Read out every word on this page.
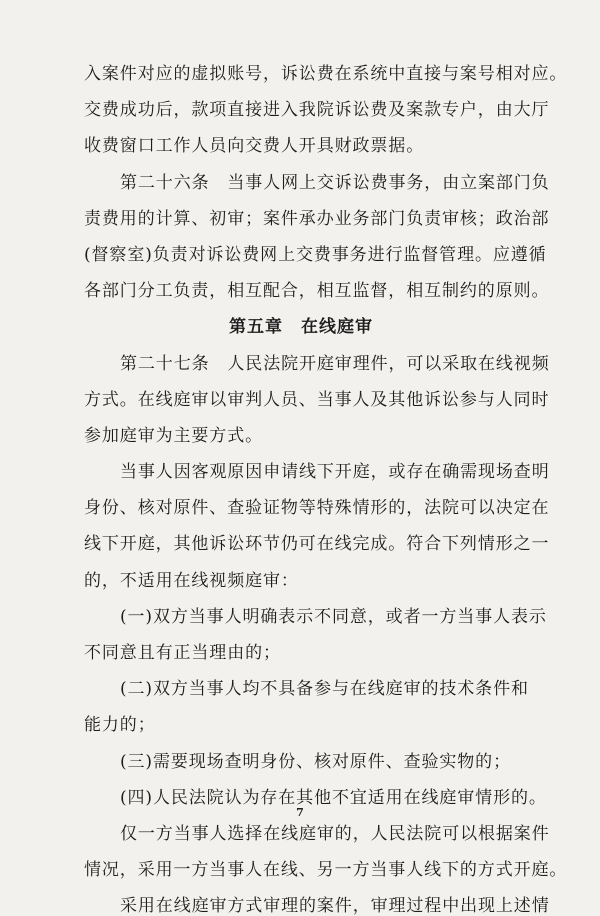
入案件对应的虚拟账号，诉讼费在系统中直接与案号相对应。
交费成功后，款项直接进入我院诉讼费及案款专户，由大厅
收费窗口工作人员向交费人开具财政票据。
第二十六条　当事人网上交诉讼费事务，由立案部门负
责费用的计算、初审；案件承办业务部门负责审核；政治部
(督察室)负责对诉讼费网上交费事务进行监督管理。应遵循
各部门分工负责，相互配合，相互监督，相互制约的原则。
第五章　在线庭审
第二十七条　人民法院开庭审理件，可以采取在线视频
方式。在线庭审以审判人员、当事人及其他诉讼参与人同时
参加庭审为主要方式。
当事人因客观原因申请线下开庭，或存在确需现场查明
身份、核对原件、查验证物等特殊情形的，法院可以决定在
线下开庭，其他诉讼环节仍可在线完成。符合下列情形之一
的，不适用在线视频庭审：
(一)双方当事人明确表示不同意，或者一方当事人表示
不同意且有正当理由的；
(二)双方当事人均不具备参与在线庭审的技术条件和
能力的；
(三)需要现场查明身份、核对原件、查验实物的；
(四)人民法院认为存在其他不宜适用在线庭审情形的。
仅一方当事人选择在线庭审的，人民法院可以根据案件
情况，采用一方当事人在线、另一方当事人线下的方式开庭。
采用在线庭审方式审理的案件，审理过程中出现上述情
7
